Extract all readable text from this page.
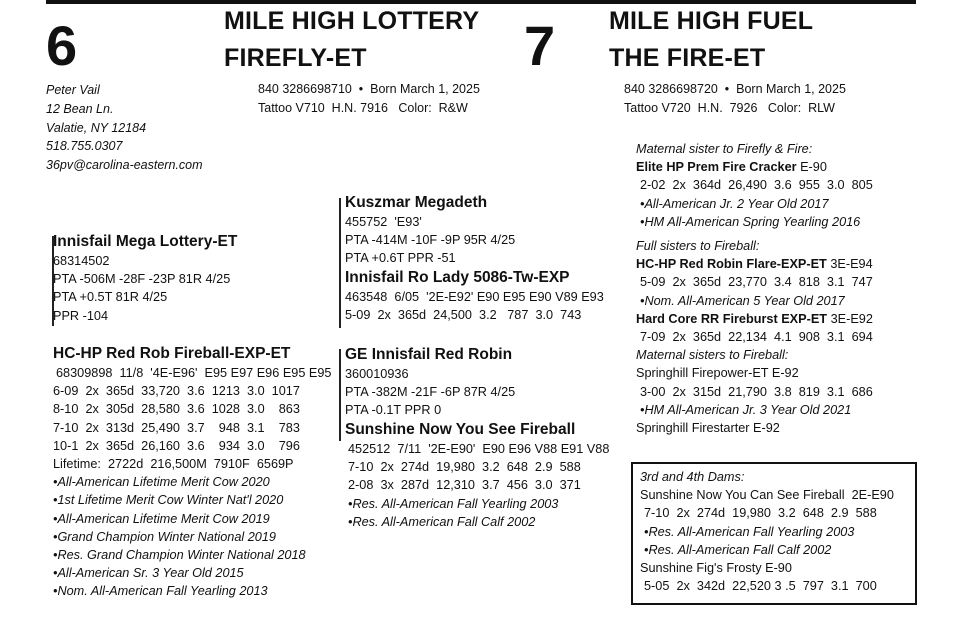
6	MILE HIGH LOTTERY
FIREFLY-ET
840 3286698710  •  Born March 1, 2025
Tattoo V710  H.N. 7916   Color:  R&W
7 MILE HIGH FUEL
THE FIRE-ET
840 3286698720  •  Born March 1, 2025
Tattoo V720  H.N.  7926   Color:  RLW
Peter Vail
12 Bean Ln.
Valatie, NY 12184
518.755.0307
36pv@carolina-eastern.com
Innisfail Mega Lottery-ET
68314502
PTA -506M -28F -23P 81R 4/25
PTA +0.5T 81R 4/25
PPR -104
Kuszmar Megadeth
455752  'E93'
PTA -414M -10F -9P 95R 4/25
PTA +0.6T PPR -51
Innisfail Ro Lady 5086-Tw-EXP
463548  6/05  '2E-E92' E90 E95 E90 V89 E93
5-09  2x  365d  24,500  3.2   787  3.0  743
HC-HP Red Rob Fireball-EXP-ET
68309898  11/8  '4E-E96'  E95 E97 E96 E95 E95
6-09  2x  365d  33,720  3.6  1213  3.0  1017
8-10  2x  305d  28,580  3.6  1028  3.0    863
7-10  2x  313d  25,490  3.7    948  3.1    783
10-1  2x  365d  26,160  3.6    934  3.0    796
Lifetime:  2722d  216,500M  7910F  6569P
•All-American Lifetime Merit Cow 2020
•1st Lifetime Merit Cow Winter Nat'l 2020
•All-American Lifetime Merit Cow 2019
•Grand Champion Winter National 2019
•Res. Grand Champion Winter National 2018
•All-American Sr. 3 Year Old 2015
•Nom. All-American Fall Yearling 2013
GE Innisfail Red Robin
360010936
PTA -382M -21F -6P 87R 4/25
PTA -0.1T PPR 0
Sunshine Now You See Fireball
452512  7/11  '2E-E90'  E90 E96 V88 E91 V88
7-10  2x  274d  19,980  3.2  648  2.9  588
2-08  3x  287d  12,310  3.7  456  3.0  371
•Res. All-American Fall Yearling 2003
•Res. All-American Fall Calf 2002
Maternal sister to Firefly & Fire:
Elite HP Prem Fire Cracker E-90
2-02  2x  364d  26,490  3.6  955  3.0  805
•All-American Jr. 2 Year Old 2017
•HM All-American Spring Yearling 2016
Full sisters to Fireball:
HC-HP Red Robin Flare-EXP-ET 3E-E94
5-09  2x  365d  23,770  3.4  818  3.1  747
•Nom. All-American 5 Year Old 2017
Hard Core RR Fireburst EXP-ET 3E-E92
7-09  2x  365d  22,134  4.1  908  3.1  694
Maternal sisters to Fireball:
Springhill Firepower-ET E-92
3-00  2x  315d  21,790  3.8  819  3.1  686
•HM All-American Jr. 3 Year Old 2021
Springhill Firestarter E-92
3rd and 4th Dams:
Sunshine Now You Can See Fireball  2E-E90
7-10  2x  274d  19,980  3.2  648  2.9  588
•Res. All-American Fall Yearling 2003
•Res. All-American Fall Calf 2002
Sunshine Fig's Frosty E-90
5-05  2x  342d  22,520 3 .5  797  3.1  700
